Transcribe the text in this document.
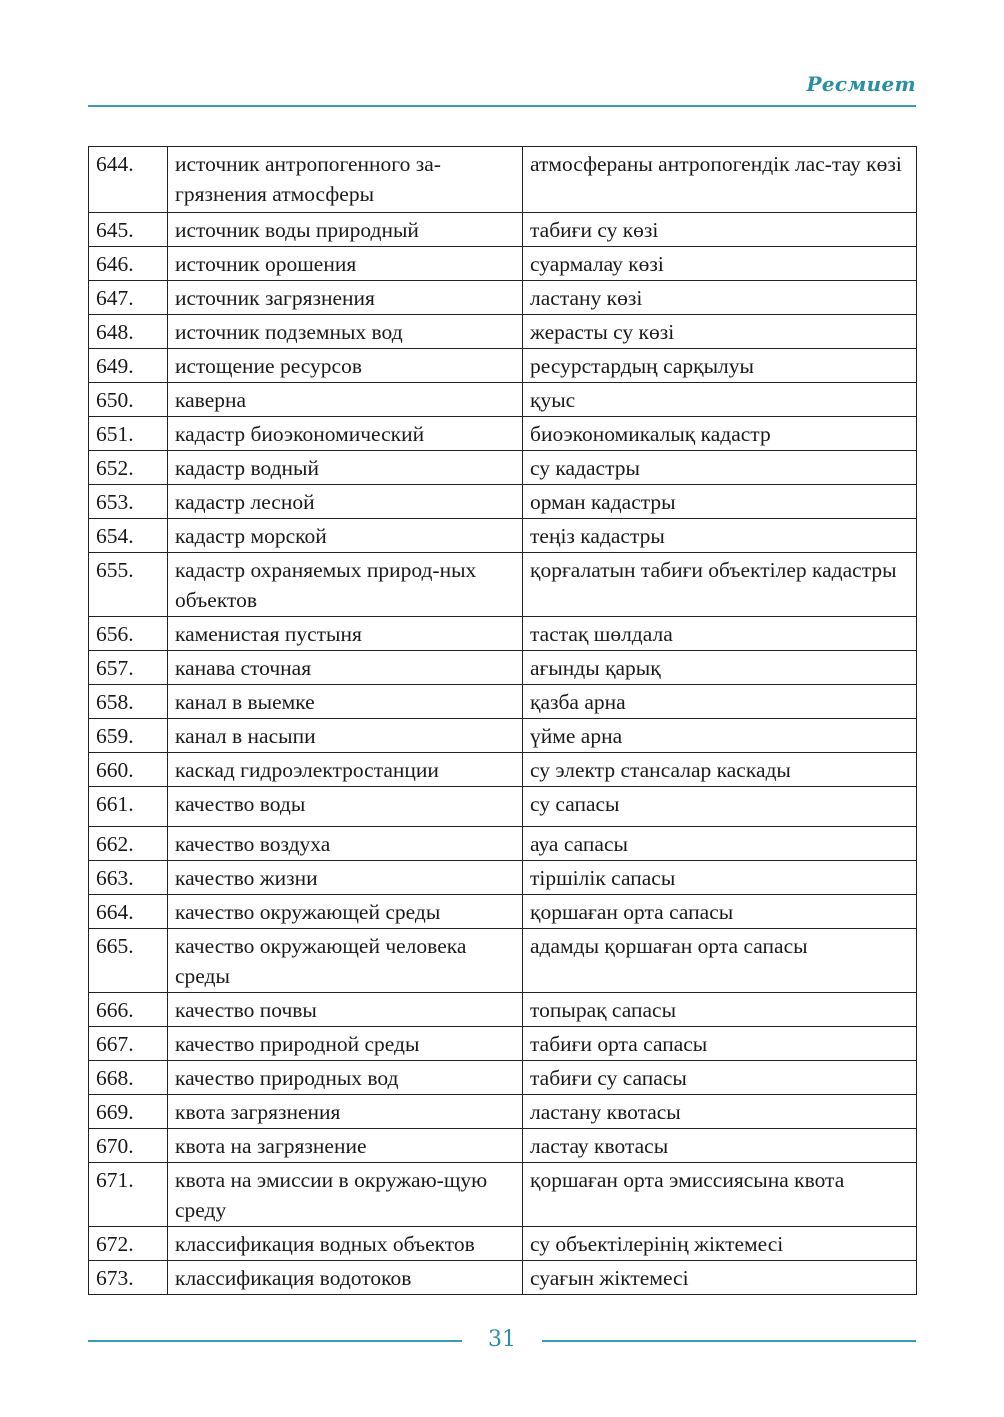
Ресмиет
644.	источник антропогенного за-грязнения атмосферы	атмосфераны антропогендік лас-тау көзі
645.	источник воды природный	табиғи су көзі
646.	источник орошения	суармалау көзі
647.	источник загрязнения	ластану көзі
648.	источник подземных вод	жерасты су көзі
649.	истощение ресурсов	ресурстардың сарқылуы
650.	каверна	қуыс
651.	кадастр биоэкономический	биоэкономикалық кадастр
652.	кадастр водный	су кадастры
653.	кадастр лесной	орман кадастры
654.	кадастр морской	теңіз кадастры
655.	кадастр охраняемых природ-ных объектов	қорғалатын табиғи объектілер кадастры
656.	каменистая пустыня	тастақ шөлдала
657.	канава сточная	ағынды қарық
658.	канал в выемке	қазба арна
659.	канал в насыпи	үйме арна
660.	каскад гидроэлектростанции	су электр стансалар каскады
661.	качество воды	су сапасы
662.	качество воздуха	ауа сапасы
663.	качество жизни	тіршілік сапасы
664.	качество окружающей среды	қоршаған орта сапасы
665.	качество окружающей человека среды	адамды қоршаған орта сапасы
666.	качество почвы	топырақ сапасы
667.	качество природной среды	табиғи орта сапасы
668.	качество природных вод	табиғи су сапасы
669.	квота загрязнения	ластану квотасы
670.	квота на загрязнение	ластау квотасы
671.	квота на эмиссии в окружаю-щую среду	қоршаған орта эмиссиясына квота
672.	классификация водных объектов	су объектілерінің жіктемесі
673.	классификация водотоков	суағын жіктемесі
31
